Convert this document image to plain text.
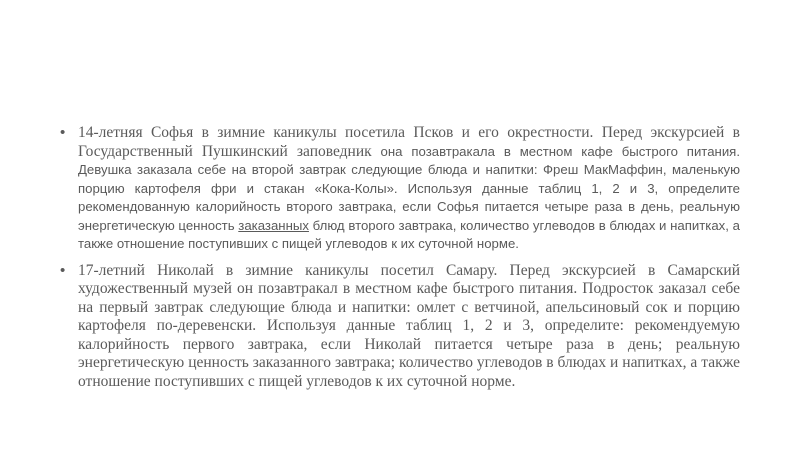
• 14-летняя Софья в зимние каникулы посетила Псков и его окрестности. Перед экскурсией в Государственный Пушкинский заповедник она позавтракала в местном кафе быстрого питания. Девушка заказала себе на второй завтрак следующие блюда и напитки: Фреш МакМаффин, маленькую порцию картофеля фри и стакан «Кока-Колы». Используя данные таблиц 1, 2 и 3, определите рекомендованную калорийность второго завтрака, если Софья питается четыре раза в день, реальную энергетическую ценность заказанных блюд второго завтрака, количество углеводов в блюдах и напитках, а также отношение поступивших с пищей углеводов к их суточной норме.
• 17-летний Николай в зимние каникулы посетил Самару. Перед экскурсией в Самарский художественный музей он позавтракал в местном кафе быстрого питания. Подросток заказал себе на первый завтрак следующие блюда и напитки: омлет с ветчиной, апельсиновый сок и порцию картофеля по-деревенски. Используя данные таблиц 1, 2 и 3, определите: рекомендуемую калорийность первого завтрака, если Николай питается четыре раза в день; реальную энергетическую ценность заказанного завтрака; количество углеводов в блюдах и напитках, а также отношение поступивших с пищей углеводов к их суточной норме.
